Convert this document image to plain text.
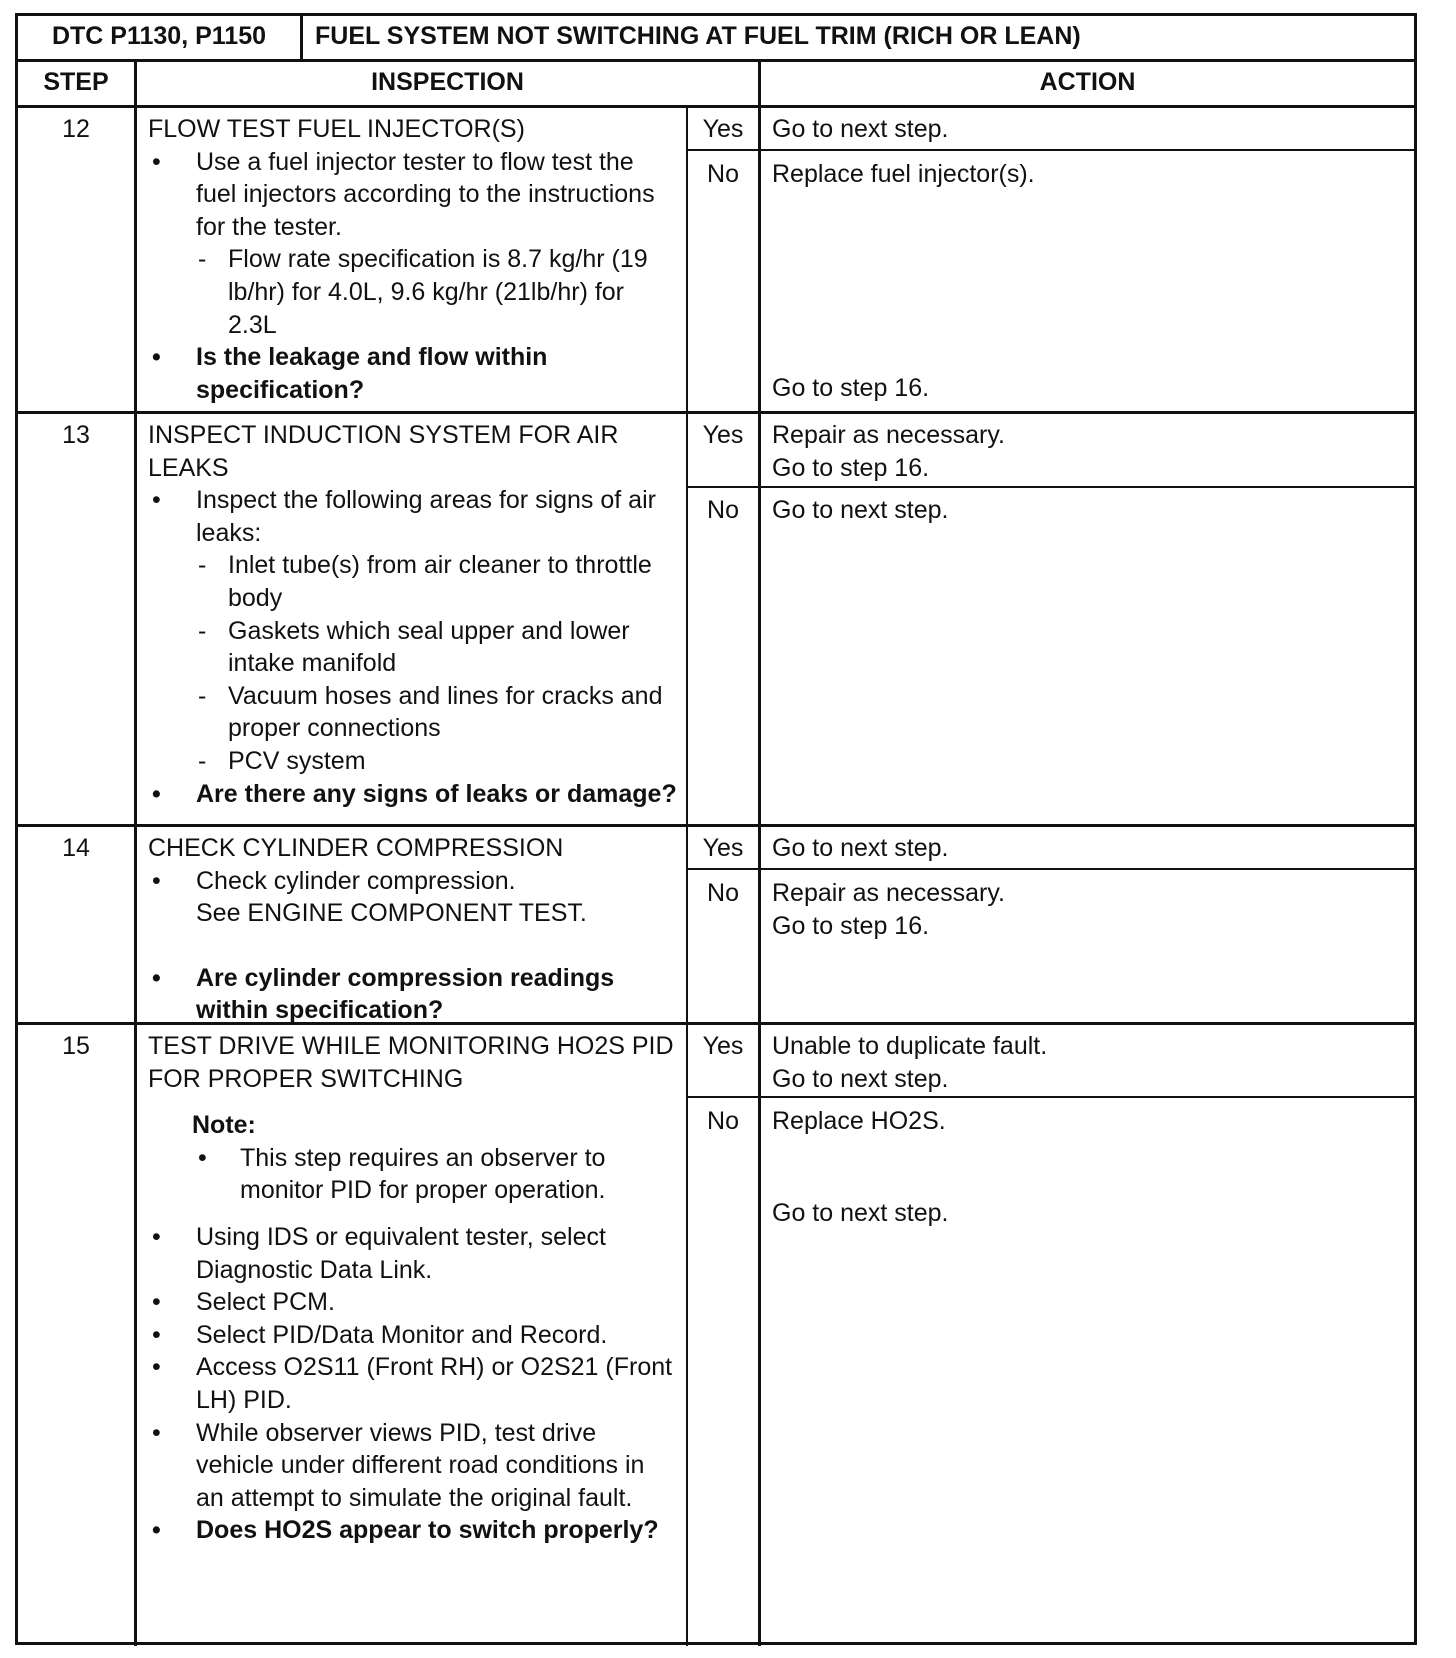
DTC P1130, P1150	FUEL SYSTEM NOT SWITCHING AT FUEL TRIM (RICH OR LEAN)
STEP	INSPECTION	ACTION
12	FLOW TEST FUEL INJECTOR(S)
• Use a fuel injector tester to flow test the fuel injectors according to the instructions for the tester.
- Flow rate specification is 8.7 kg/hr (19 lb/hr) for 4.0L, 9.6 kg/hr (21lb/hr) for 2.3L
• Is the leakage and flow within specification?
Yes	Go to next step.
No	Replace fuel injector(s).
Go to step 16.
13	INSPECT INDUCTION SYSTEM FOR AIR LEAKS
• Inspect the following areas for signs of air leaks:
- Inlet tube(s) from air cleaner to throttle body
- Gaskets which seal upper and lower intake manifold
- Vacuum hoses and lines for cracks and proper connections
- PCV system
• Are there any signs of leaks or damage?
Yes	Repair as necessary.
Go to step 16.
No	Go to next step.
14	CHECK CYLINDER COMPRESSION
• Check cylinder compression.
See ENGINE COMPONENT TEST.
• Are cylinder compression readings within specification?
Yes	Go to next step.
No	Repair as necessary.
Go to step 16.
15	TEST DRIVE WHILE MONITORING HO2S PID FOR PROPER SWITCHING
Note:
• This step requires an observer to monitor PID for proper operation.
• Using IDS or equivalent tester, select Diagnostic Data Link.
• Select PCM.
• Select PID/Data Monitor and Record.
• Access O2S11 (Front RH) or O2S21 (Front LH) PID.
• While observer views PID, test drive vehicle under different road conditions in an attempt to simulate the original fault.
• Does HO2S appear to switch properly?
Yes	Unable to duplicate fault.
Go to next step.
No	Replace HO2S.
Go to next step.
